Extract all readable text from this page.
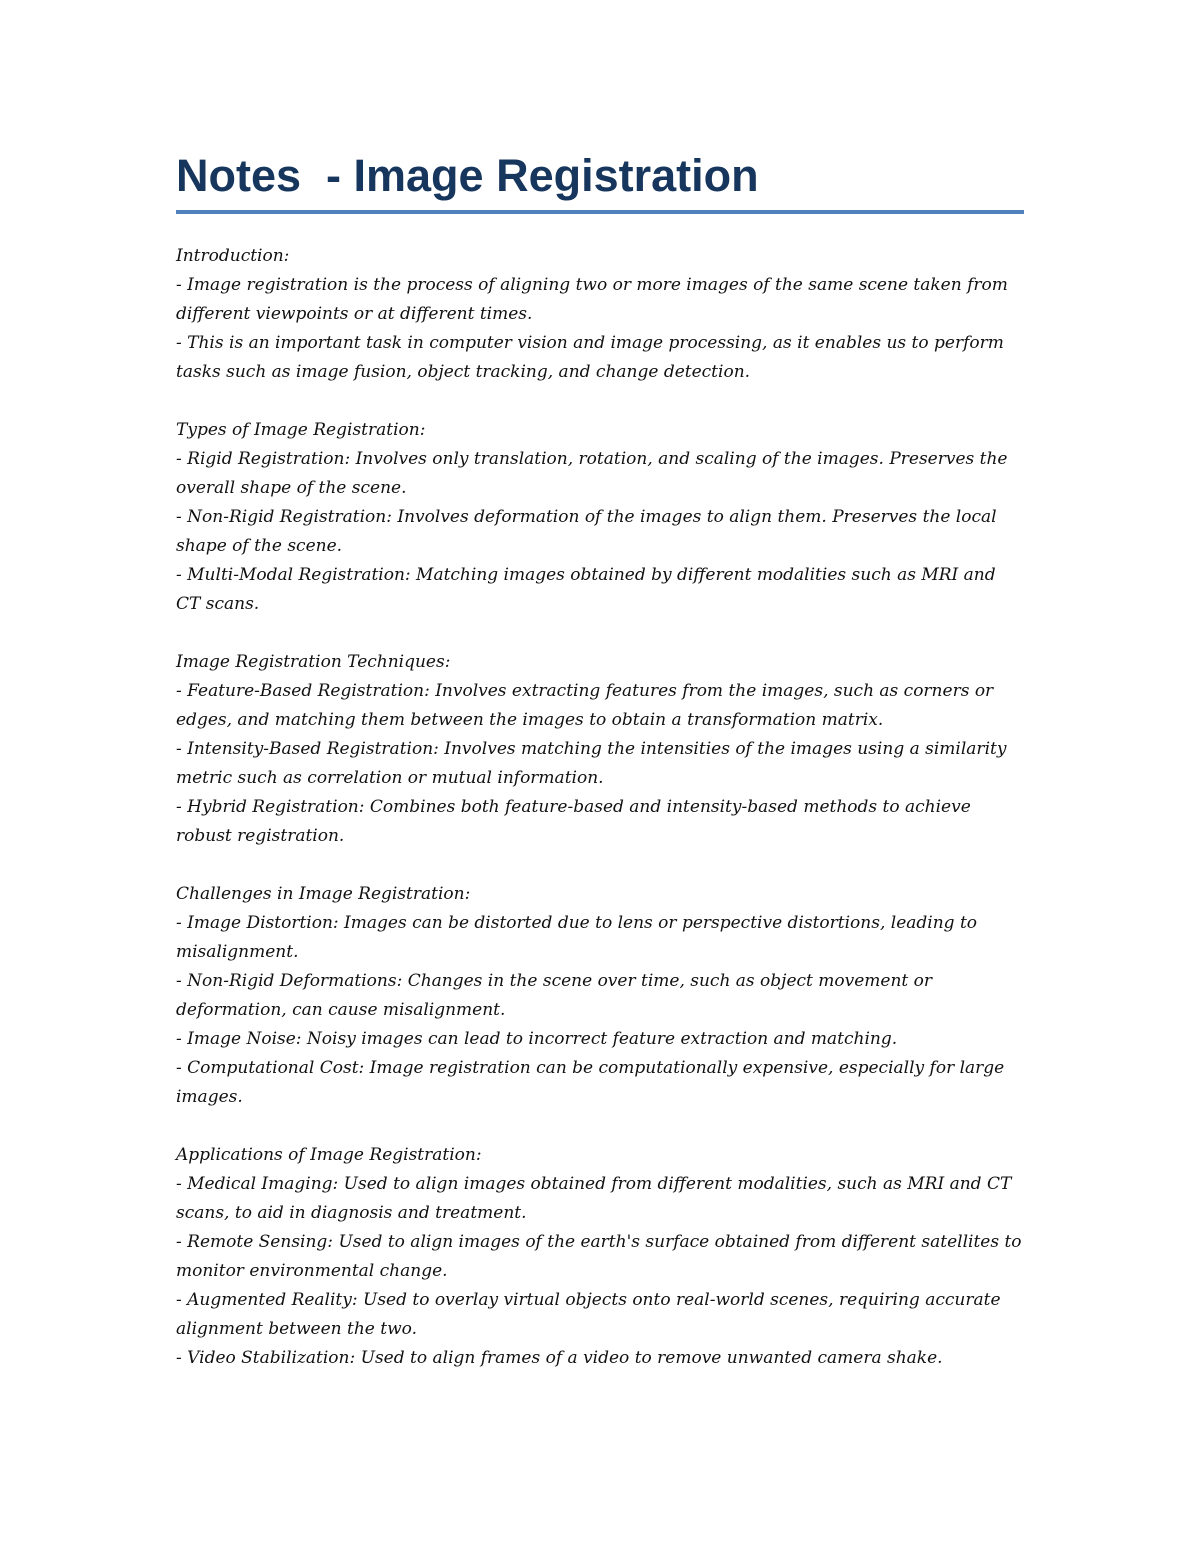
Notes  - Image Registration

Introduction:

- Image registration is the process of aligning two or more images of the same scene taken from different viewpoints or at different times.

- This is an important task in computer vision and image processing, as it enables us to perform tasks such as image fusion, object tracking, and change detection.

Types of Image Registration:

- Rigid Registration: Involves only translation, rotation, and scaling of the images. Preserves the overall shape of the scene.

- Non-Rigid Registration: Involves deformation of the images to align them. Preserves the local shape of the scene.

- Multi-Modal Registration: Matching images obtained by different modalities such as MRI and CT scans.

Image Registration Techniques:

- Feature-Based Registration: Involves extracting features from the images, such as corners or edges, and matching them between the images to obtain a transformation matrix.

- Intensity-Based Registration: Involves matching the intensities of the images using a similarity metric such as correlation or mutual information.

- Hybrid Registration: Combines both feature-based and intensity-based methods to achieve robust registration.

Challenges in Image Registration:

- Image Distortion: Images can be distorted due to lens or perspective distortions, leading to misalignment.

- Non-Rigid Deformations: Changes in the scene over time, such as object movement or deformation, can cause misalignment.

- Image Noise: Noisy images can lead to incorrect feature extraction and matching.

- Computational Cost: Image registration can be computationally expensive, especially for large images.

Applications of Image Registration:

- Medical Imaging: Used to align images obtained from different modalities, such as MRI and CT scans, to aid in diagnosis and treatment.

- Remote Sensing: Used to align images of the earth's surface obtained from different satellites to monitor environmental change.

- Augmented Reality: Used to overlay virtual objects onto real-world scenes, requiring accurate alignment between the two.

- Video Stabilization: Used to align frames of a video to remove unwanted camera shake.
